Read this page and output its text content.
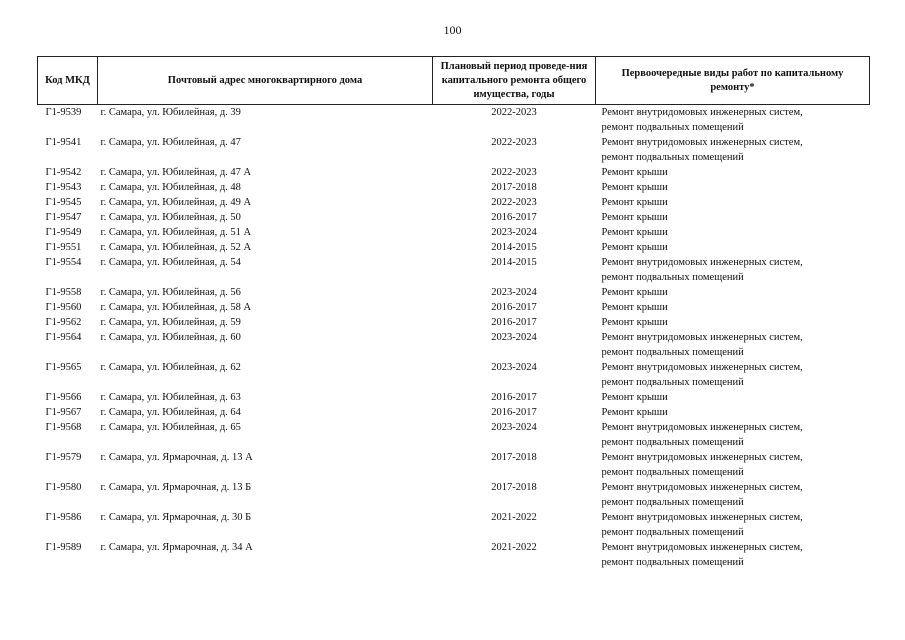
100
Код МКД	Почтовый адрес многоквартирного дома	Плановый период проведе-ния капитального ремонта общего имущества, годы	Первоочередные виды работ по капитальному ремонту*
Г1-9539	г. Самара, ул. Юбилейная, д. 39	2022-2023	Ремонт внутридомовых инженерных систем,
ремонт подвальных помещений

Г1-9541	г. Самара, ул. Юбилейная, д. 47	2022-2023	Ремонт внутридомовых инженерных систем,
ремонт подвальных помещений

Г1-9542	г. Самара, ул. Юбилейная, д. 47 А	2022-2023	Ремонт крыши

Г1-9543	г. Самара, ул. Юбилейная, д. 48	2017-2018	Ремонт крыши

Г1-9545	г. Самара, ул. Юбилейная, д. 49 А	2022-2023	Ремонт крыши

Г1-9547	г. Самара, ул. Юбилейная, д. 50	2016-2017	Ремонт крыши

Г1-9549	г. Самара, ул. Юбилейная, д. 51 А	2023-2024	Ремонт крыши

Г1-9551	г. Самара, ул. Юбилейная, д. 52 А	2014-2015	Ремонт крыши

Г1-9554	г. Самара, ул. Юбилейная, д. 54	2014-2015	Ремонт внутридомовых инженерных систем,
ремонт подвальных помещений

Г1-9558	г. Самара, ул. Юбилейная, д. 56	2023-2024	Ремонт крыши

Г1-9560	г. Самара, ул. Юбилейная, д. 58 А	2016-2017	Ремонт крыши

Г1-9562	г. Самара, ул. Юбилейная, д. 59	2016-2017	Ремонт крыши

Г1-9564	г. Самара, ул. Юбилейная, д. 60	2023-2024	Ремонт внутридомовых инженерных систем,
ремонт подвальных помещений

Г1-9565	г. Самара, ул. Юбилейная, д. 62	2023-2024	Ремонт внутридомовых инженерных систем,
ремонт подвальных помещений

Г1-9566	г. Самара, ул. Юбилейная, д. 63	2016-2017	Ремонт крыши

Г1-9567	г. Самара, ул. Юбилейная, д. 64	2016-2017	Ремонт крыши

Г1-9568	г. Самара, ул. Юбилейная, д. 65	2023-2024	Ремонт внутридомовых инженерных систем,
ремонт подвальных помещений

Г1-9579	г. Самара, ул. Ярмарочная, д. 13 А	2017-2018	Ремонт внутридомовых инженерных систем,
ремонт подвальных помещений

Г1-9580	г. Самара, ул. Ярмарочная, д. 13 Б	2017-2018	Ремонт внутридомовых инженерных систем,
ремонт подвальных помещений

Г1-9586	г. Самара, ул. Ярмарочная, д. 30 Б	2021-2022	Ремонт внутридомовых инженерных систем,
ремонт подвальных помещений

Г1-9589	г. Самара, ул. Ярмарочная, д. 34 А	2021-2022	Ремонт внутридомовых инженерных систем,
ремонт подвальных помещений
